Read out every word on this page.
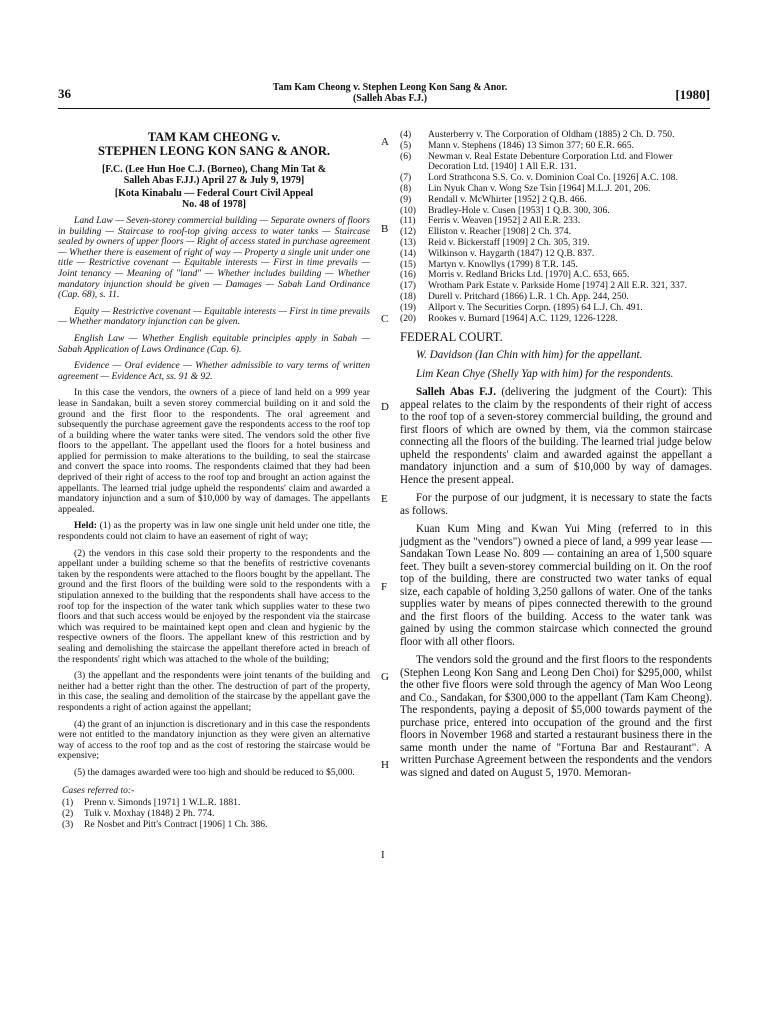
36	Tam Kam Cheong v. Stephen Leong Kon Sang & Anor.
(Salleh Abas F.J.)	[1980]
A
B
C
D
E
F
G
H
I
TAM KAM CHEONG v.
STEPHEN LEONG KON SANG & ANOR.
[F.C. (Lee Hun Hoe C.J. (Borneo), Chang Min Tat &
Salleh Abas F.JJ.) April 27 & July 9, 1979]
[Kota Kinabalu — Federal Court Civil Appeal
No. 48 of 1978]

Land Law — Seven-storey commercial building — Separate owners of floors in building — Staircase to roof-top giving access to water tanks — Staircase sealed by owners of upper floors — Right of access stated in purchase agreement — Whether there is easement of right of way — Property a single unit under one title — Restrictive covenant — Equitable interests — First in time prevails — Joint tenancy — Meaning of "land" — Whether includes building — Whether mandatory injunction should be given — Damages — Sabah Land Ordinance (Cap. 68), s. 11.

Equity — Restrictive covenant — Equitable interests — First in time prevails — Whether mandatory injunction can be given.

English Law — Whether English equitable principles apply in Sabah — Sabah Application of Laws Ordinance (Cap. 6).

Evidence — Oral evidence — Whether admissible to vary terms of written agreement — Evidence Act, ss. 91 & 92.

In this case the vendors, the owners of a piece of land held on a 999 year lease in Sandakan, built a seven storey commercial building on it and sold the ground and the first floor to the respondents. The oral agreement and subsequently the purchase agreement gave the respondents access to the roof top of a building where the water tanks were sited. The vendors sold the other five floors to the appellant. The appellant used the floors for a hotel business and applied for permission to make alterations to the building, to seal the staircase and convert the space into rooms. The respondents claimed that they had been deprived of their right of access to the roof top and brought an action against the appellants. The learned trial judge upheld the respondents' claim and awarded a mandatory injunction and a sum of $10,000 by way of damages. The appellants appealed.

Held: (1) as the property was in law one single unit held under one title, the respondents could not claim to have an easement of right of way;

(2) the vendors in this case sold their property to the respondents and the appellant under a building scheme so that the benefits of restrictive covenants taken by the respondents were attached to the floors bought by the appellant. The ground and the first floors of the building were sold to the respondents with a stipulation annexed to the building that the respondents shall have access to the roof top for the inspection of the water tank which supplies water to these two floors and that such access would be enjoyed by the respondent via the staircase which was required to be maintained kept open and clean and hygienic by the respective owners of the floors. The appellant knew of this restriction and by sealing and demolishing the staircase the appellant therefore acted in breach of the respondents' right which was attached to the whole of the building;

(3) the appellant and the respondents were joint tenants of the building and neither had a better right than the other. The destruction of part of the property, in this case, the sealing and demolition of the staircase by the appellant gave the respondents a right of action against the appellant;

(4) the grant of an injunction is discretionary and in this case the respondents were not entitled to the mandatory injunction as they were given an alternative way of access to the roof top and as the cost of restoring the staircase would be expensive;

(5) the damages awarded were too high and should be reduced to $5,000.

Cases referred to:-
(1)	Prenn v. Simonds [1971] 1 W.L.R. 1881.
(2)	Tulk v. Moxhay (1848) 2 Ph. 774.
(3)	Re Nosbet and Pitt's Contract [1906] 1 Ch. 386.
(4)	Austerberry v. The Corporation of Oldham (1885) 2 Ch. D. 750.
(5)	Mann v. Stephens (1846) 13 Simon 377; 60 E.R. 665.
(6)	Newman v. Real Estate Debenture Corporation Ltd. and Flower Decoration Ltd. [1940] 1 All E.R. 131.
(7)	Lord Strathcona S.S. Co. v. Dominion Coal Co. [1926] A.C. 108.
(8)	Lin Nyuk Chan v. Wong Sze Tsin [1964] M.L.J. 201, 206.
(9)	Rendall v. McWhirter [1952] 2 Q.B. 466.
(10)	Bradley-Hole v. Cusen [1953] 1 Q.B. 300, 306.
(11)	Ferris v. Weaven [1952] 2 All E.R. 233.
(12)	Elliston v. Reacher [1908] 2 Ch. 374.
(13)	Reid v. Bickerstaff [1909] 2 Ch. 305, 319.
(14)	Wilkinson v. Haygarth (1847) 12 Q.B. 837.
(15)	Martyn v. Knowllys (1799) 8 T.R. 145.
(16)	Morris v. Redland Bricks Ltd. [1970] A.C. 653, 665.
(17)	Wrotham Park Estate v. Parkside Home [1974] 2 All E.R. 321, 337.
(18)	Durell v. Pritchard (1866) L.R. 1 Ch. App. 244, 250.
(19)	Allport v. The Securities Corpn. (1895) 64 L.J. Ch. 491.
(20)	Rookes v. Burnard [1964] A.C. 1129, 1226-1228.
FEDERAL COURT.

W. Davidson (Ian Chin with him) for the appellant.

Lim Kean Chye (Shelly Yap with him) for the respondents.

Salleh Abas F.J. (delivering the judgment of the Court): This appeal relates to the claim by the respondents of their right of access to the roof top of a seven-storey commercial building, the ground and first floors of which are owned by them, via the common staircase connecting all the floors of the building. The learned trial judge below upheld the respondents' claim and awarded against the appellant a mandatory injunction and a sum of $10,000 by way of damages. Hence the present appeal.

For the purpose of our judgment, it is necessary to state the facts as follows.

Kuan Kum Ming and Kwan Yui Ming (referred to in this judgment as the "vendors") owned a piece of land, a 999 year lease — Sandakan Town Lease No. 809 — containing an area of 1,500 square feet. They built a seven-storey commercial building on it. On the roof top of the building, there are constructed two water tanks of equal size, each capable of holding 3,250 gallons of water. One of the tanks supplies water by means of pipes connected therewith to the ground and the first floors of the building. Access to the water tank was gained by using the common staircase which connected the ground floor with all other floors.

The vendors sold the ground and the first floors to the respondents (Stephen Leong Kon Sang and Leong Den Choi) for $295,000, whilst the other five floors were sold through the agency of Man Woo Leong and Co., Sandakan, for $300,000 to the appellant (Tam Kam Cheong). The respondents, paying a deposit of $5,000 towards payment of the purchase price, entered into occupation of the ground and the first floors in November 1968 and started a restaurant business there in the same month under the name of "Fortuna Bar and Restaurant". A written Purchase Agreement between the respondents and the vendors was signed and dated on August 5, 1970. Memoran-
